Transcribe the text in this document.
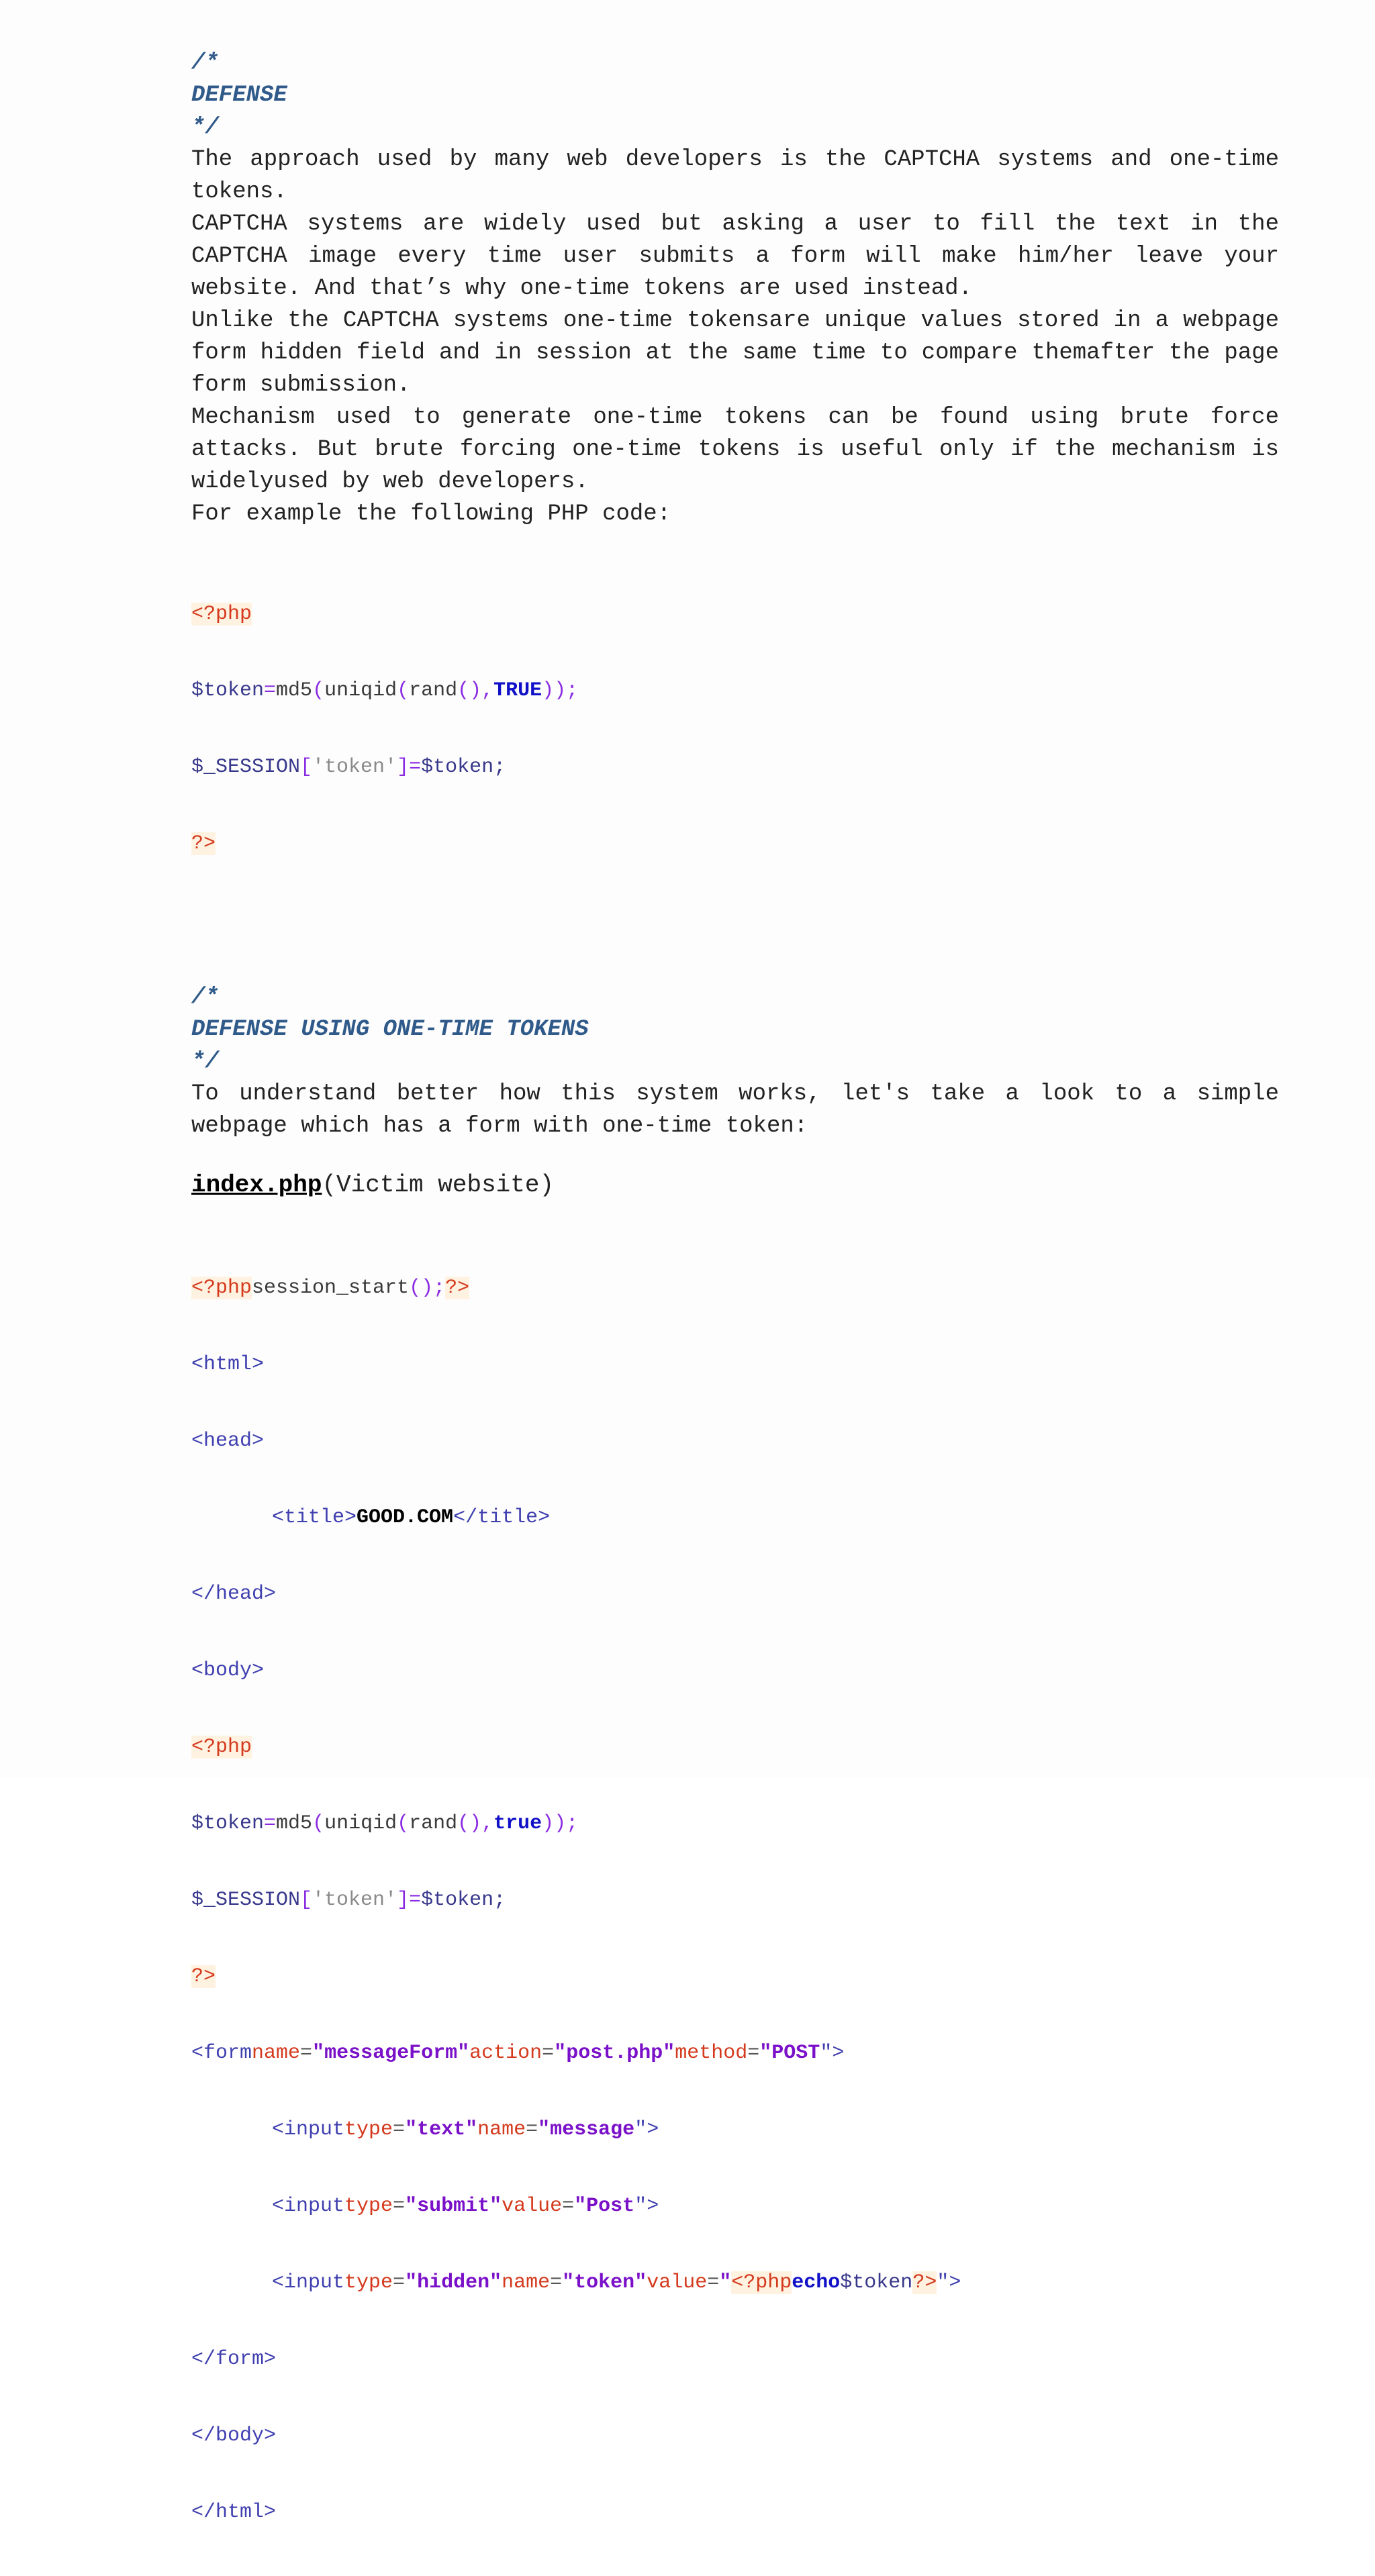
/*
DEFENSE
*/

The approach used by many web developers is the CAPTCHA systems and one-time tokens.

CAPTCHA systems are widely used but asking a user to fill the text in the CAPTCHA image every time user submits a form will make him/her leave your website. And that’s why one-time tokens are used instead.

Unlike the CAPTCHA systems one-time tokensare unique values stored in a webpage form hidden field and in session at the same time to compare themafter the page form submission.

Mechanism used to generate one-time tokens can be found using brute force attacks. But brute forcing one-time tokens is useful only if the mechanism is widelyused by web developers.

For example the following PHP code:

<?php

$token=md5(uniqid(rand(),TRUE));

$_SESSION['token']=$token;

?>

/*
DEFENSE USING ONE-TIME TOKENS
*/

To understand better how this system works, let's take a look to a simple webpage which has a form with one-time token:

index.php(Victim website)

<?phpsession_start();?>

<html>

<head>

<title>GOOD.COM</title>

</head>

<body>

<?php

$token=md5(uniqid(rand(),true));

$_SESSION['token']=$token;

?>

<formname="messageForm"action="post.php"method="POST">

<inputtype="text"name="message">

<inputtype="submit"value="Post">

<inputtype="hidden"name="token"value="<?phpecho$token?>">

</form>

</body>

</html>
